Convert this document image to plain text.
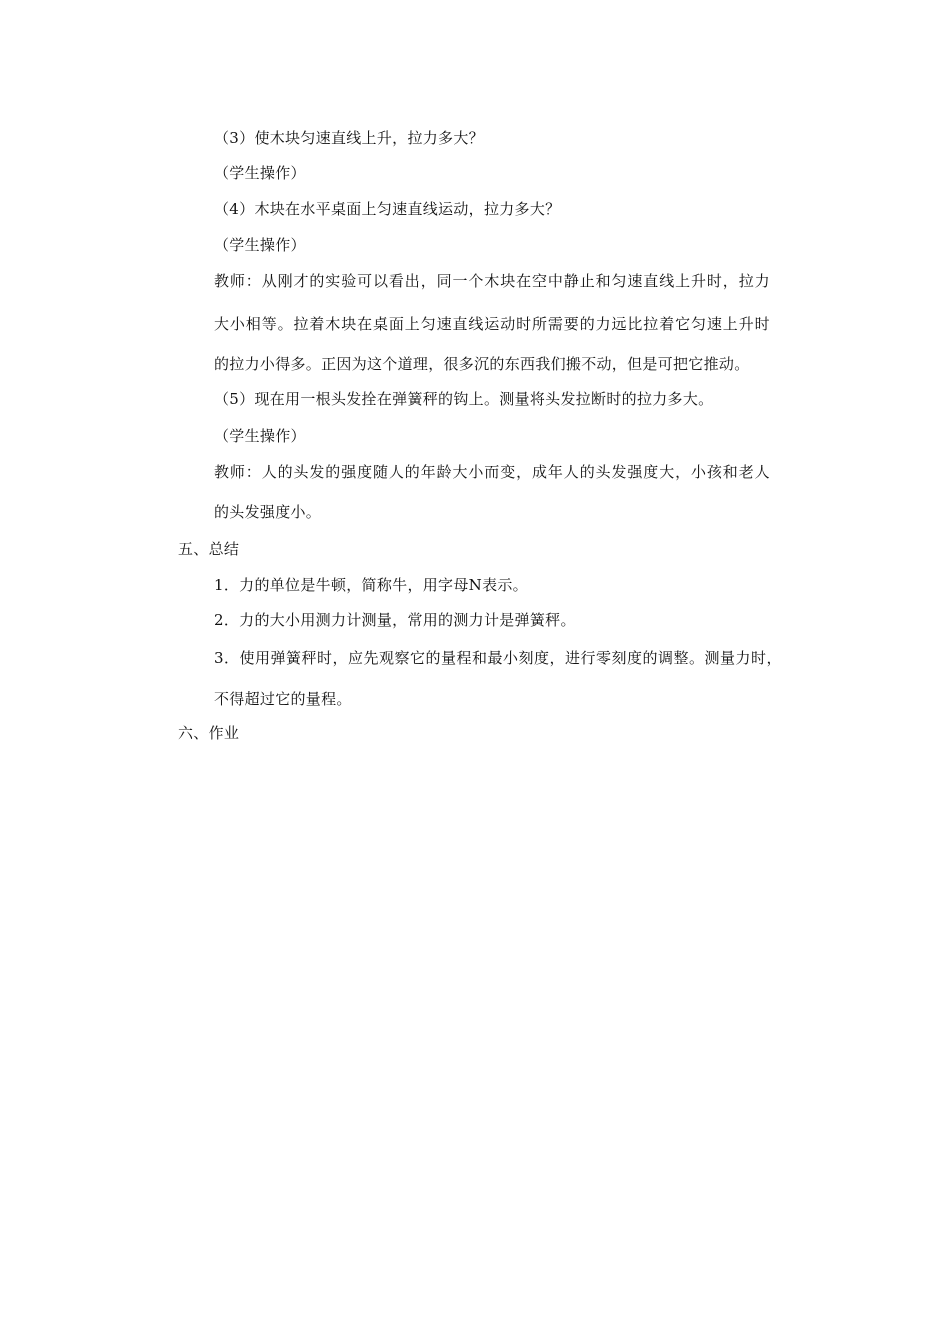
（3）使木块匀速直线上升，拉力多大？
（学生操作）
（4）木块在水平桌面上匀速直线运动，拉力多大？
（学生操作）
教师：从刚才的实验可以看出，同一个木块在空中静止和匀速直线上升时，拉力
大小相等。拉着木块在桌面上匀速直线运动时所需要的力远比拉着它匀速上升时
的拉力小得多。正因为这个道理，很多沉的东西我们搬不动，但是可把它推动。
（5）现在用一根头发拴在弹簧秤的钩上。测量将头发拉断时的拉力多大。
（学生操作）
教师：人的头发的强度随人的年龄大小而变，成年人的头发强度大，小孩和老人
的头发强度小。
五、总结
1．力的单位是牛顿，简称牛，用字母N表示。
2．力的大小用测力计测量，常用的测力计是弹簧秤。
3．使用弹簧秤时，应先观察它的量程和最小刻度，进行零刻度的调整。测量力时，
不得超过它的量程。
六、作业
